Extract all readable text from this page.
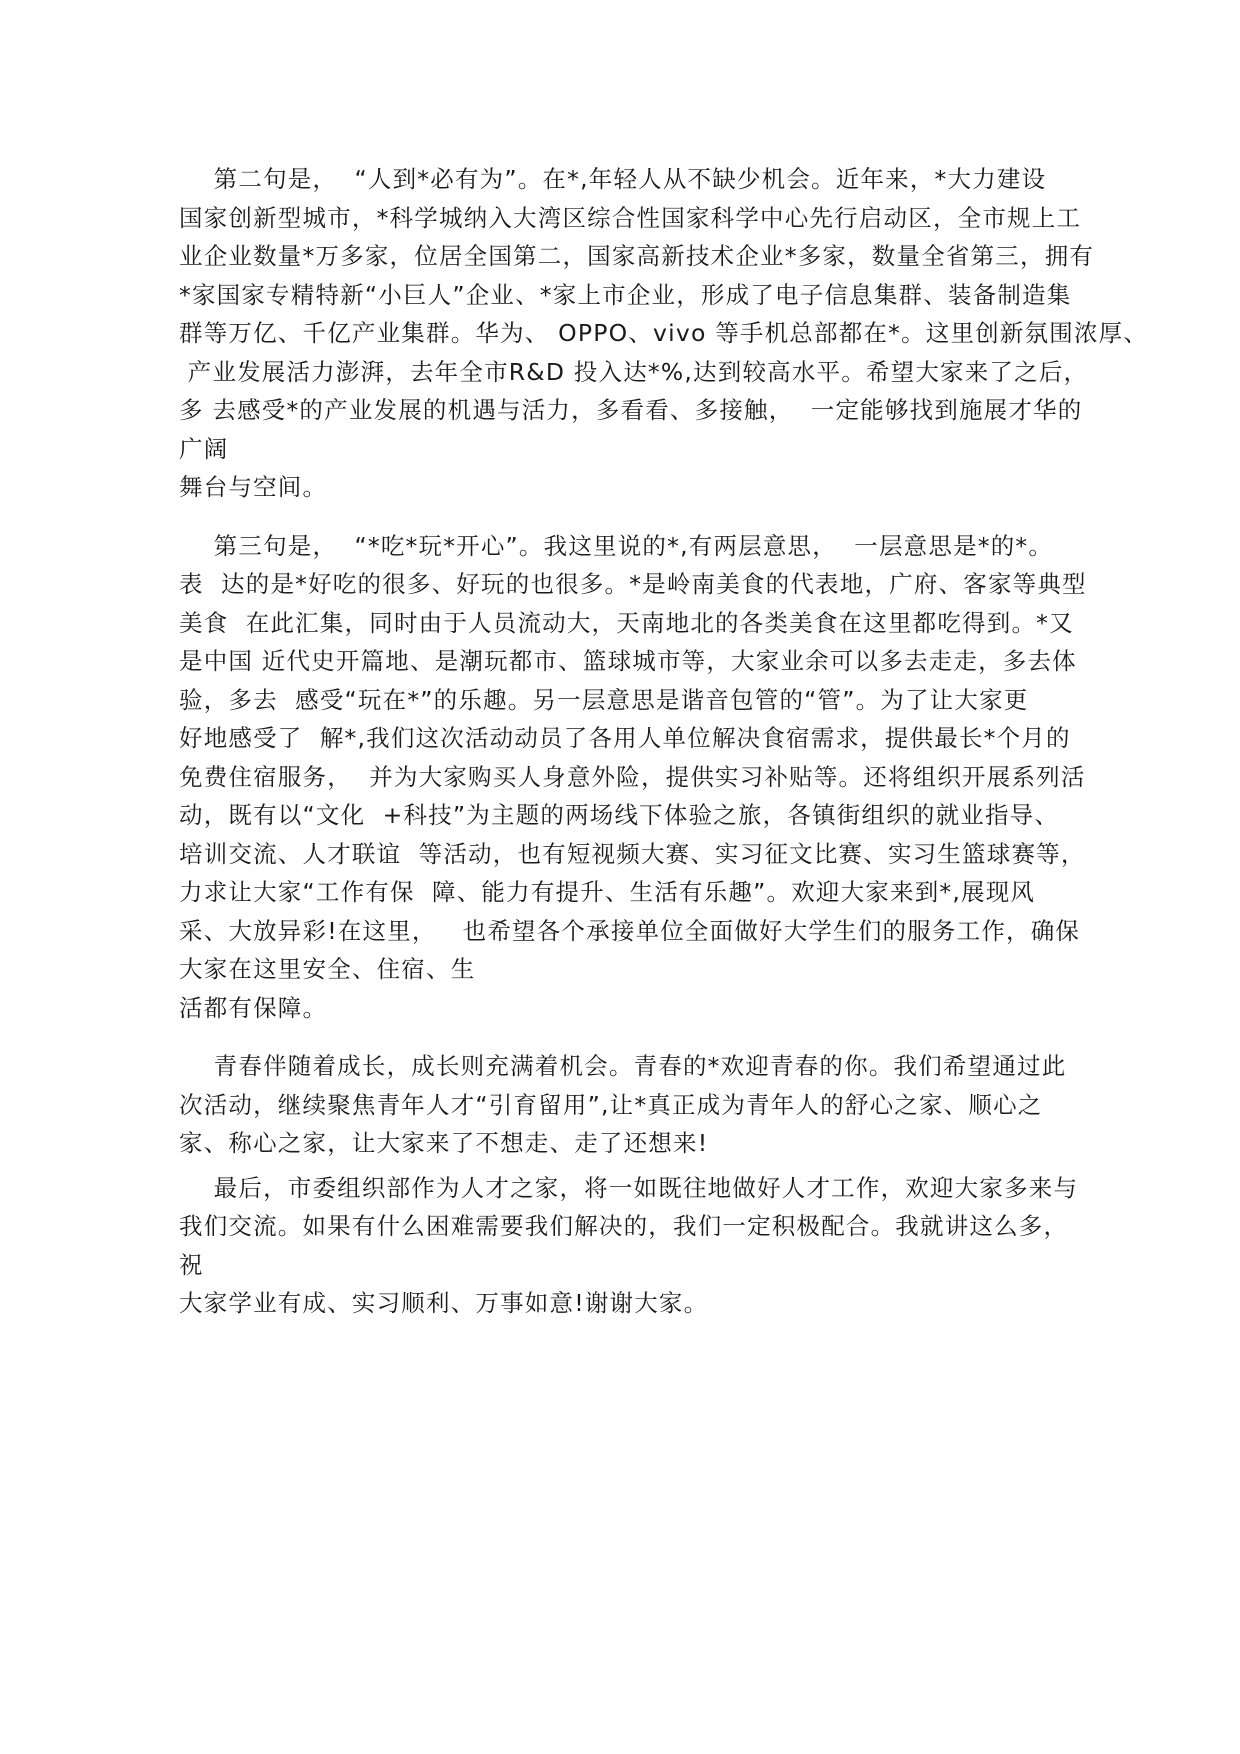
第二句是，  “人到*必有为”。在*,年轻人从不缺少机会。近年来，*大力建设
国家创新型城市，*科学城纳入大湾区综合性国家科学中心先行启动区，全市规上工
业企业数量*万多家，位居全国第二，国家高新技术企业*多家，数量全省第三，拥有
*家国家专精特新“小巨人”企业、*家上市企业，形成了电子信息集群、装备制造集
群等万亿、千亿产业集群。华为、 OPPO、vivo 等手机总部都在*。这里创新氛围浓厚、
产业发展活力澎湃，去年全市R&D 投入达*%,达到较高水平。希望大家来了之后，
多 去感受*的产业发展的机遇与活力，多看看、多接触，  一定能够找到施展才华的
广阔
舞台与空间。
第三句是，  “*吃*玩*开心”。我这里说的*,有两层意思，  一层意思是*的*。
表  达的是*好吃的很多、好玩的也很多。*是岭南美食的代表地，广府、客家等典型
美食  在此汇集，同时由于人员流动大，天南地北的各类美食在这里都吃得到。*又
是中国 近代史开篇地、是潮玩都市、篮球城市等，大家业余可以多去走走，多去体
验，多去  感受“玩在*”的乐趣。另一层意思是谐音包管的“管”。为了让大家更
好地感受了  解*,我们这次活动动员了各用人单位解决食宿需求，提供最长*个月的
免费住宿服务，  并为大家购买人身意外险，提供实习补贴等。还将组织开展系列活
动，既有以“文化  +科技”为主题的两场线下体验之旅，各镇街组织的就业指导、
培训交流、人才联谊  等活动，也有短视频大赛、实习征文比赛、实习生篮球赛等，
力求让大家“工作有保  障、能力有提升、生活有乐趣”。欢迎大家来到*,展现风
采、大放异彩!在这里，   也希望各个承接单位全面做好大学生们的服务工作，确保
大家在这里安全、住宿、生
活都有保障。
青春伴随着成长，成长则充满着机会。青春的*欢迎青春的你。我们希望通过此
次活动，继续聚焦青年人才“引育留用”,让*真正成为青年人的舒心之家、顺心之
家、称心之家，让大家来了不想走、走了还想来!
最后，市委组织部作为人才之家，将一如既往地做好人才工作，欢迎大家多来与
我们交流。如果有什么困难需要我们解决的，我们一定积极配合。我就讲这么多，
祝
大家学业有成、实习顺利、万事如意!谢谢大家。
